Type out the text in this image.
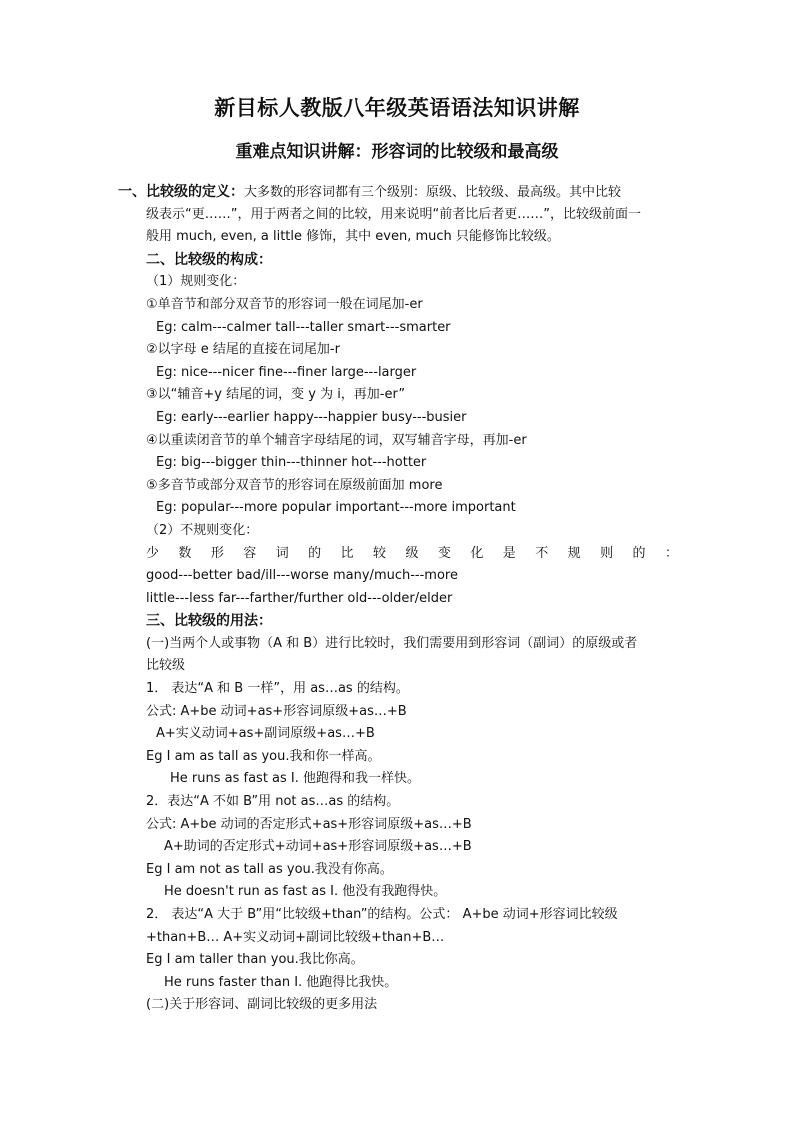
新目标人教版八年级英语语法知识讲解
重难点知识讲解：形容词的比较级和最高级
一、比较级的定义：大多数的形容词都有三个级别：原级、比较级、最高级。其中比较
级表示“更……”，用于两者之间的比较，用来说明“前者比后者更……”，比较级前面一
般用 much, even, a little 修饰，其中 even, much 只能修饰比较级。
二、比较级的构成：
（1）规则变化：
①单音节和部分双音节的形容词一般在词尾加-er
Eg: calm---calmer tall---taller smart---smarter
②以字母 e 结尾的直接在词尾加-r
Eg: nice---nicer fine---finer large---larger
③以“辅音+y 结尾的词，变 y 为 i，再加-er”
Eg: early---earlier happy---happier busy---busier
④以重读闭音节的单个辅音字母结尾的词，双写辅音字母，再加-er
Eg: big---bigger thin---thinner hot---hotter
⑤多音节或部分双音节的形容词在原级前面加 more
Eg: popular---more popular important---more important
（2）不规则变化：
少 数 形 容 词 的 比 较 级 变 化 是 不 规 则 的 ：
good---better bad/ill---worse many/much---more
little---less far---farther/further old---older/elder
三、比较级的用法：
(一)当两个人或事物（A 和 B）进行比较时，我们需要用到形容词（副词）的原级或者
比较级
1． 表达“A 和 B 一样”，用 as…as 的结构。
公式: A+be 动词+as+形容词原级+as…+B
A+实义动词+as+副词原级+as…+B
Eg I am as tall as you.我和你一样高。
He runs as fast as I. 他跑得和我一样快。
2．表达“A 不如 B”用 not as…as 的结构。
公式: A+be 动词的否定形式+as+形容词原级+as…+B
A+助词的否定形式+动词+as+形容词原级+as…+B
Eg I am not as tall as you.我没有你高。
He doesn't run as fast as I. 他没有我跑得快。
2． 表达“A 大于 B”用“比较级+than”的结构。公式： A+be 动词+形容词比较级
+than+B… A+实义动词+副词比较级+than+B…
Eg I am taller than you.我比你高。
He runs faster than I. 他跑得比我快。
(二)关于形容词、副词比较级的更多用法
